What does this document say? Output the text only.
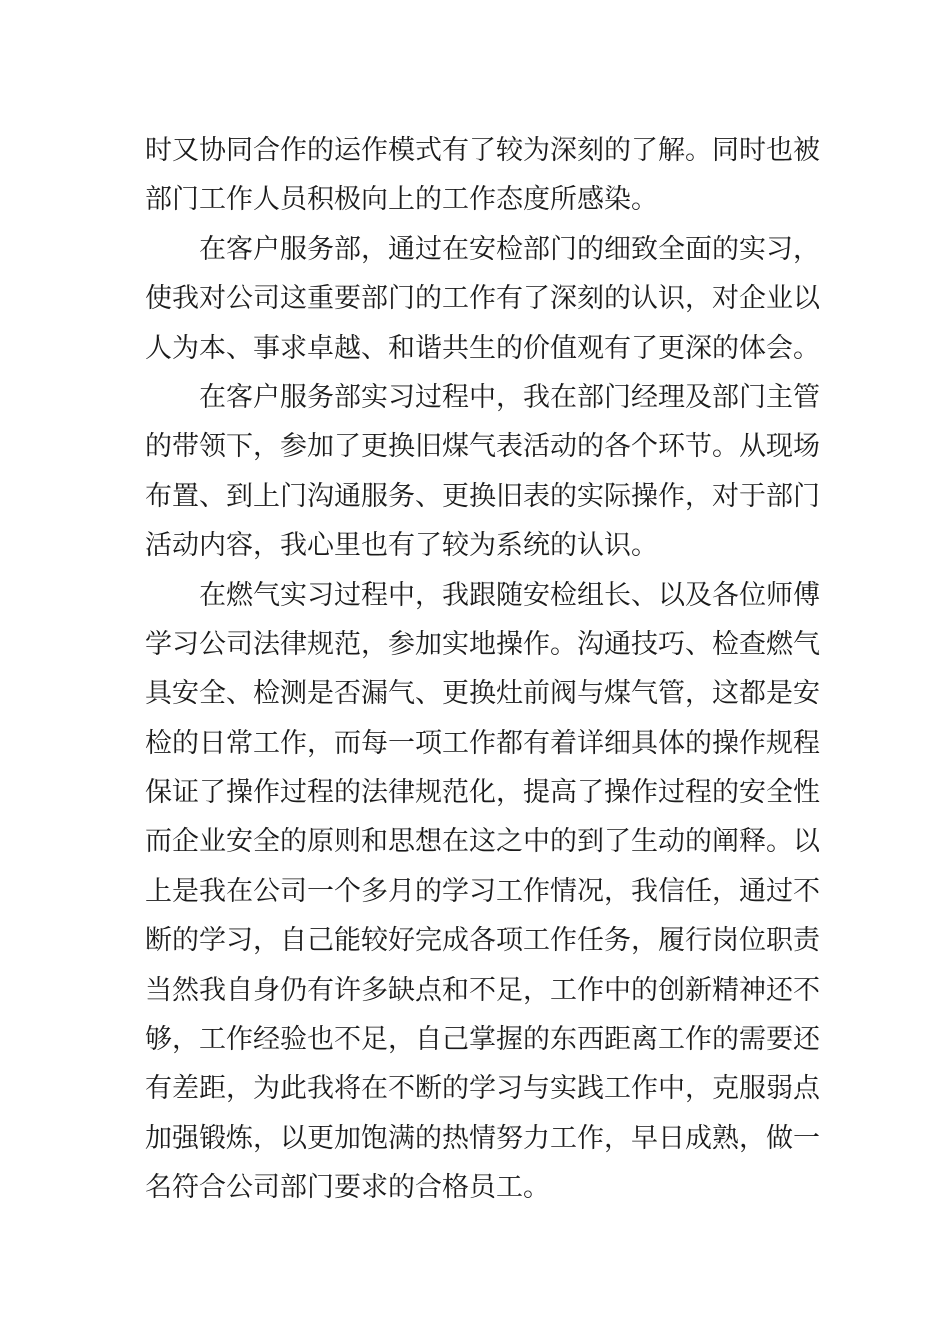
时又协同合作的运作模式有了较为深刻的了解。同时也被
部门工作人员积极向上的工作态度所感染。
在客户服务部，通过在安检部门的细致全面的实习，
使我对公司这重要部门的工作有了深刻的认识，对企业以
人为本、事求卓越、和谐共生的价值观有了更深的体会。
在客户服务部实习过程中，我在部门经理及部门主管
的带领下，参加了更换旧煤气表活动的各个环节。从现场
布置、到上门沟通服务、更换旧表的实际操作，对于部门
活动内容，我心里也有了较为系统的认识。
在燃气实习过程中，我跟随安检组长、以及各位师傅
学习公司法律规范，参加实地操作。沟通技巧、检查燃气
具安全、检测是否漏气、更换灶前阀与煤气管，这都是安
检的日常工作，而每一项工作都有着详细具体的操作规程
保证了操作过程的法律规范化，提高了操作过程的安全性
而企业安全的原则和思想在这之中的到了生动的阐释。以
上是我在公司一个多月的学习工作情况，我信任，通过不
断的学习，自己能较好完成各项工作任务，履行岗位职责
当然我自身仍有许多缺点和不足，工作中的创新精神还不
够，工作经验也不足，自己掌握的东西距离工作的需要还
有差距，为此我将在不断的学习与实践工作中，克服弱点
加强锻炼，以更加饱满的热情努力工作，早日成熟，做一
名符合公司部门要求的合格员工。
